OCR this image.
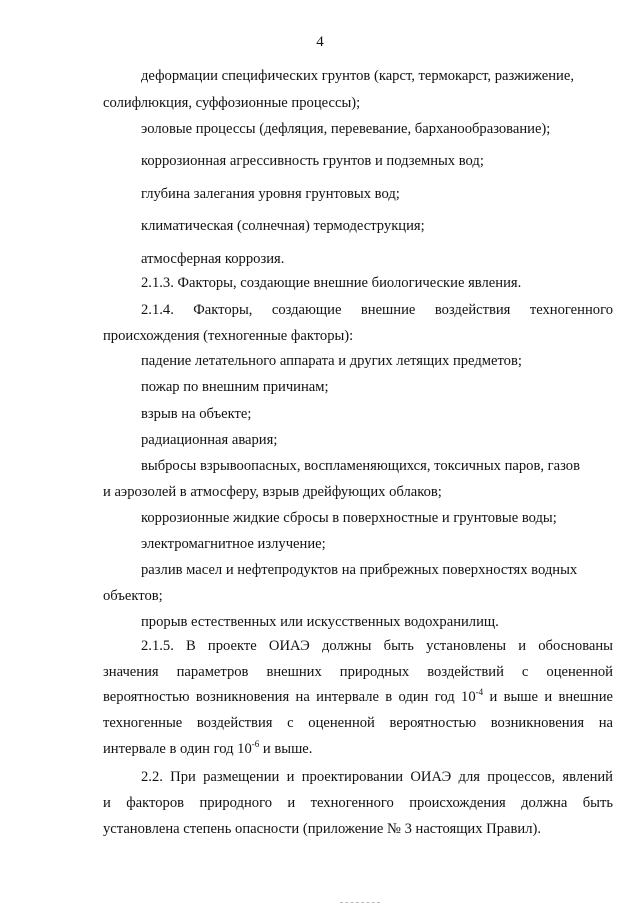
4
деформации специфических грунтов (карст, термокарст, разжижение,
солифлюкция, суффозионные процессы);
эоловые процессы (дефляция, перевевание, барханообразование);
коррозионная агрессивность грунтов и подземных вод;
глубина залегания уровня грунтовых вод;
климатическая (солнечная) термодеструкция;
атмосферная коррозия.
2.1.3. Факторы, создающие внешние биологические явления.
2.1.4. Факторы, создающие внешние воздействия техногенного
происхождения (техногенные факторы):
падение летательного аппарата и других летящих предметов;
пожар по внешним причинам;
взрыв на объекте;
радиационная авария;
выбросы взрывоопасных, воспламеняющихся, токсичных паров, газов
и аэрозолей в атмосферу, взрыв дрейфующих облаков;
коррозионные жидкие сбросы в поверхностные и грунтовые воды;
электромагнитное излучение;
разлив масел и нефтепродуктов на прибрежных поверхностях водных
объектов;
прорыв естественных или искусственных водохранилищ.
2.1.5. В проекте ОИАЭ должны быть установлены и обоснованы
значения параметров внешних природных воздействий с оцененной
вероятностью возникновения на интервале в один год $10^{-4}$ и выше и внешние
техногенные воздействия с оцененной вероятностью возникновения на
интервале в один год $10^{-6}$ и выше.
2.2. При размещении и проектировании ОИАЭ для процессов, явлений
и факторов природного и техногенного происхождения должна быть
установлена степень опасности (приложение № 3 настоящих Правил).
